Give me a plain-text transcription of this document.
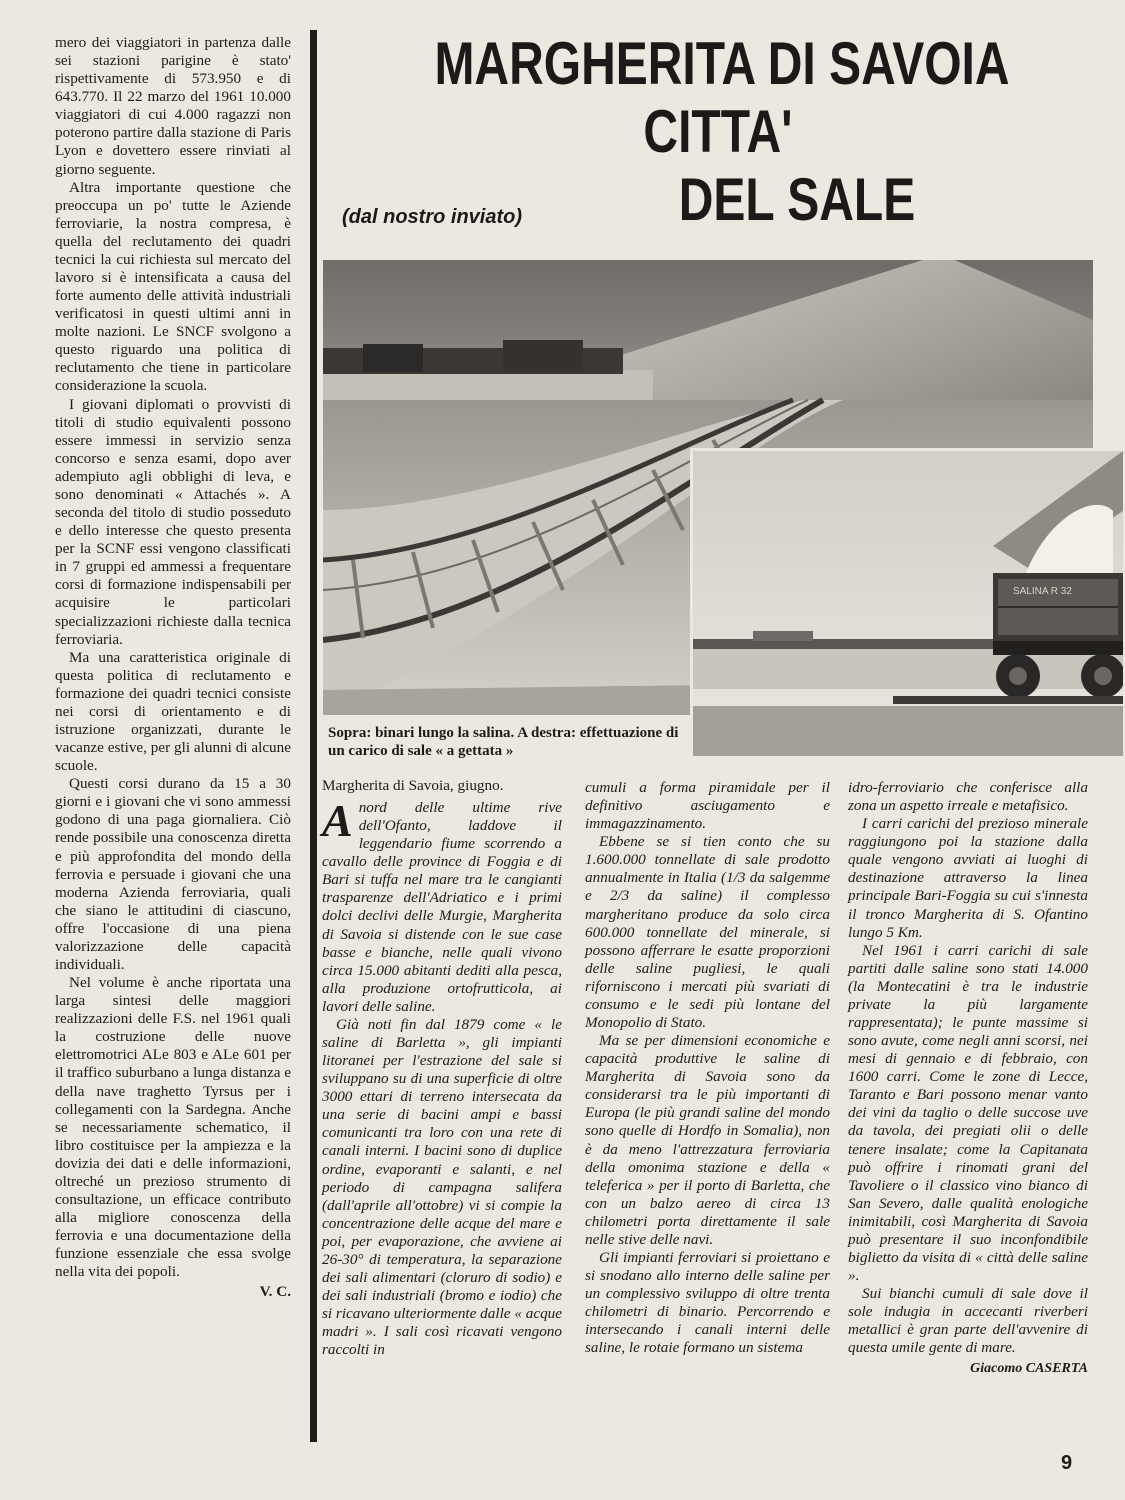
mero dei viaggiatori in partenza dalle sei stazioni parigine è stato' rispettivamente di 573.950 e di 643.770. Il 22 marzo del 1961 10.000 viaggiatori di cui 4.000 ragazzi non poterono partire dalla stazione di Paris Lyon e dovettero essere rinviati al giorno seguente.

Altra importante questione che preoccupa un po' tutte le Aziende ferroviarie, la nostra compresa, è quella del reclutamento dei quadri tecnici la cui richiesta sul mercato del lavoro si è intensificata a causa del forte aumento delle attività industriali verificatosi in questi ultimi anni in molte nazioni. Le SNCF svolgono a questo riguardo una politica di reclutamento che tiene in particolare considerazione la scuola.

I giovani diplomati o provvisti di titoli di studio equivalenti possono essere immessi in servizio senza concorso e senza esami, dopo aver adempiuto agli obblighi di leva, e sono denominati « Attachés ». A seconda del titolo di studio posseduto e dello interesse che questo presenta per la SCNF essi vengono classificati in 7 gruppi ed ammessi a frequentare corsi di formazione indispensabili per acquisire le particolari specializzazioni richieste dalla tecnica ferroviaria.

Ma una caratteristica originale di questa politica di reclutamento e formazione dei quadri tecnici consiste nei corsi di orientamento e di istruzione organizzati, durante le vacanze estive, per gli alunni di alcune scuole.

Questi corsi durano da 15 a 30 giorni e i giovani che vi sono ammessi godono di una paga giornaliera. Ciò rende possibile una conoscenza diretta e più approfondita del mondo della ferrovia e persuade i giovani che una moderna Azienda ferroviaria, quali che siano le attitudini di ciascuno, offre l'occasione di una piena valorizzazione delle capacità individuali.

Nel volume è anche riportata una larga sintesi delle maggiori realizzazioni delle F.S. nel 1961 quali la costruzione delle nuove elettromotrici ALe 803 e ALe 601 per il traffico suburbano a lunga distanza e della nave traghetto Tyrsus per i collegamenti con la Sardegna. Anche se necessariamente schematico, il libro costituisce per la ampiezza e la dovizia dei dati e delle informazioni, oltreché un prezioso strumento di consultazione, un efficace contributo alla migliore conoscenza della ferrovia e una documentazione della funzione essenziale che essa svolge nella vita dei popoli.

V. C.
MARGHERITA DI SAVOIA
CITTA'
DEL SALE
(dal nostro inviato)
SALINA R 32
Sopra: binari lungo la salina. A destra: effettuazione di un carico di sale « a gettata »
Margherita di Savoia, giugno.

Anord delle ultime rive dell'Ofanto, laddove il leggendario fiume scorrendo a cavallo delle province di Foggia e di Bari si tuffa nel mare tra le cangianti trasparenze dell'Adriatico e i primi dolci declivi delle Murgie, Margherita di Savoia si distende con le sue case basse e bianche, nelle quali vivono circa 15.000 abitanti dediti alla pesca, alla produzione ortofrutticola, ai lavori delle saline.

Già noti fin dal 1879 come « le saline di Barletta », gli impianti litoranei per l'estrazione del sale si sviluppano su di una superficie di oltre 3000 ettari di terreno intersecata da una serie di bacini ampi e bassi comunicanti tra loro con una rete di canali interni. I bacini sono di duplice ordine, evaporanti e salanti, e nel periodo di campagna salifera (dall'aprile all'ottobre) vi si compie la concentrazione delle acque del mare e poi, per evaporazione, che avviene ai 26-30° di temperatura, la separazione dei sali alimentari (cloruro di sodio) e dei sali industriali (bromo e iodio) che si ricavano ulteriormente dalle « acque madri ». I sali così ricavati vengono raccolti in

cumuli a forma piramidale per il definitivo asciugamento e immagazzinamento.

Ebbene se si tien conto che su 1.600.000 tonnellate di sale prodotto annualmente in Italia (1/3 da salgemme e 2/3 da saline) il complesso margheritano produce da solo circa 600.000 tonnellate del minerale, si possono afferrare le esatte proporzioni delle saline pugliesi, le quali riforniscono i mercati più svariati di consumo e le sedi più lontane del Monopolio di Stato.

Ma se per dimensioni economiche e capacità produttive le saline di Margherita di Savoia sono da considerarsi tra le più importanti di Europa (le più grandi saline del mondo sono quelle di Hordfo in Somalia), non è da meno l'attrezzatura ferroviaria della omonima stazione e della « teleferica » per il porto di Barletta, che con un balzo aereo di circa 13 chilometri porta direttamente il sale nelle stive delle navi.

Gli impianti ferroviari si proiettano e si snodano allo interno delle saline per un complessivo sviluppo di oltre trenta chilometri di binario. Percorrendo e intersecando i canali interni delle saline, le rotaie formano un sistema

idro-ferroviario che conferisce alla zona un aspetto irreale e metafisico.

I carri carichi del prezioso minerale raggiungono poi la stazione dalla quale vengono avviati ai luoghi di destinazione attraverso la linea principale Bari-Foggia su cui s'innesta il tronco Margherita di S. Ofantino lungo 5 Km.

Nel 1961 i carri carichi di sale partiti dalle saline sono stati 14.000 (la Montecatini è tra le industrie private la più largamente rappresentata); le punte massime si sono avute, come negli anni scorsi, nei mesi di gennaio e di febbraio, con 1600 carri. Come le zone di Lecce, Taranto e Bari possono menar vanto dei vini da taglio o delle succose uve da tavola, dei pregiati olii o delle tenere insalate; come la Capitanata può offrire i rinomati grani del Tavoliere o il classico vino bianco di San Severo, dalle qualità enologiche inimitabili, così Margherita di Savoia può presentare il suo inconfondibile biglietto da visita di « città delle saline ».

Sui bianchi cumuli di sale dove il sole indugia in accecanti riverberi metallici è gran parte dell'avvenire di questa umile gente di mare.

Giacomo CASERTA
9
